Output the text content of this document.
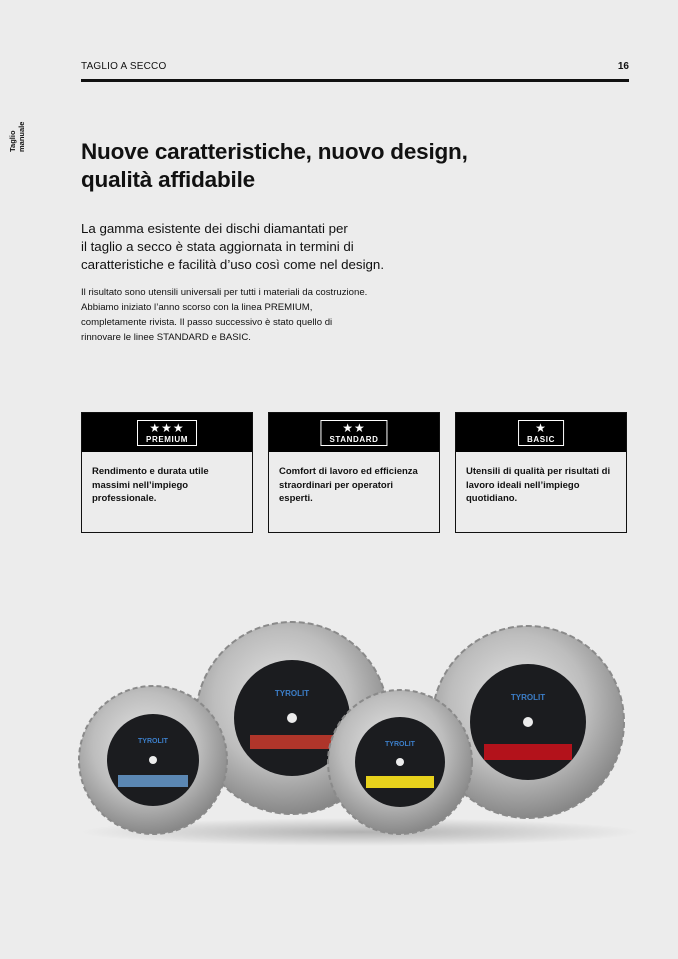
Taglio
manuale
TAGLIO A SECCO	16
Nuove caratteristiche, nuovo design,
qualità affidabile

La gamma esistente dei dischi diamantati per
il taglio a secco è stata aggiornata in termini di
caratteristiche e facilità d’uso così come nel design.

Il risultato sono utensili universali per tutti i materiali da costruzione.
Abbiamo iniziato l’anno scorso con la linea PREMIUM,
completamente rivista. Il passo successivo è stato quello di
rinnovare le linee STANDARD e BASIC.

★★★
PREMIUM
Rendimento e durata utile massimi nell’impiego professionale.
★★
STANDARD
Comfort di lavoro ed efficienza straordinari per operatori esperti.
★
BASIC
Utensili di qualità per risultati di lavoro ideali nell’impiego quotidiano.
TYROLIT	TYROLIT
TYROLIT	TYROLIT
